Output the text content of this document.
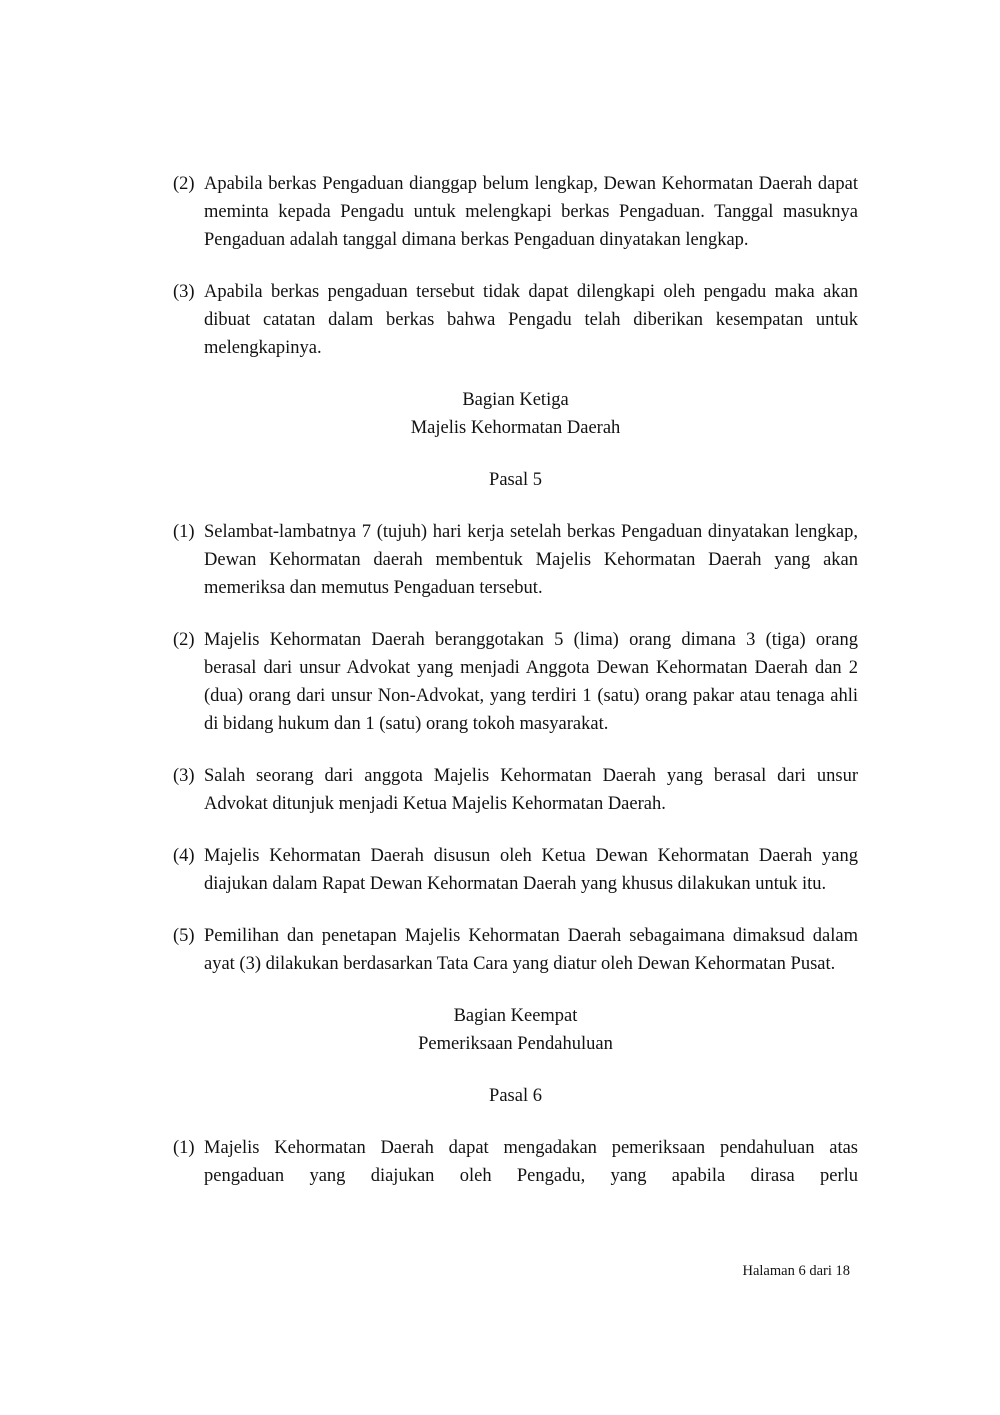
(2) Apabila berkas Pengaduan dianggap belum lengkap, Dewan Kehormatan Daerah dapat meminta kepada Pengadu untuk melengkapi berkas Pengaduan. Tanggal masuknya Pengaduan adalah tanggal dimana berkas Pengaduan dinyatakan lengkap.
(3) Apabila berkas pengaduan tersebut tidak dapat dilengkapi oleh pengadu maka akan dibuat catatan dalam berkas bahwa Pengadu telah diberikan kesempatan untuk melengkapinya.
Bagian Ketiga
Majelis Kehormatan Daerah
Pasal 5
(1) Selambat-lambatnya 7 (tujuh) hari kerja setelah berkas Pengaduan dinyatakan lengkap, Dewan Kehormatan daerah membentuk Majelis Kehormatan Daerah yang akan memeriksa dan memutus Pengaduan tersebut.
(2) Majelis Kehormatan Daerah beranggotakan 5 (lima) orang dimana 3 (tiga) orang berasal dari unsur Advokat yang menjadi Anggota Dewan Kehormatan Daerah dan 2 (dua) orang dari unsur Non-Advokat, yang terdiri 1 (satu) orang pakar atau tenaga ahli di bidang hukum dan 1 (satu) orang tokoh masyarakat.
(3) Salah seorang dari anggota Majelis Kehormatan Daerah yang berasal dari unsur Advokat ditunjuk menjadi Ketua Majelis Kehormatan Daerah.
(4) Majelis Kehormatan Daerah disusun oleh Ketua Dewan Kehormatan Daerah yang diajukan dalam Rapat Dewan Kehormatan Daerah yang khusus dilakukan untuk itu.
(5) Pemilihan dan penetapan Majelis Kehormatan Daerah sebagaimana dimaksud dalam ayat (3) dilakukan berdasarkan Tata Cara yang diatur oleh Dewan Kehormatan Pusat.
Bagian Keempat
Pemeriksaan Pendahuluan
Pasal 6
(1) Majelis Kehormatan Daerah dapat mengadakan pemeriksaan pendahuluan atas pengaduan yang diajukan oleh Pengadu, yang apabila dirasa perlu
Halaman 6 dari 18
